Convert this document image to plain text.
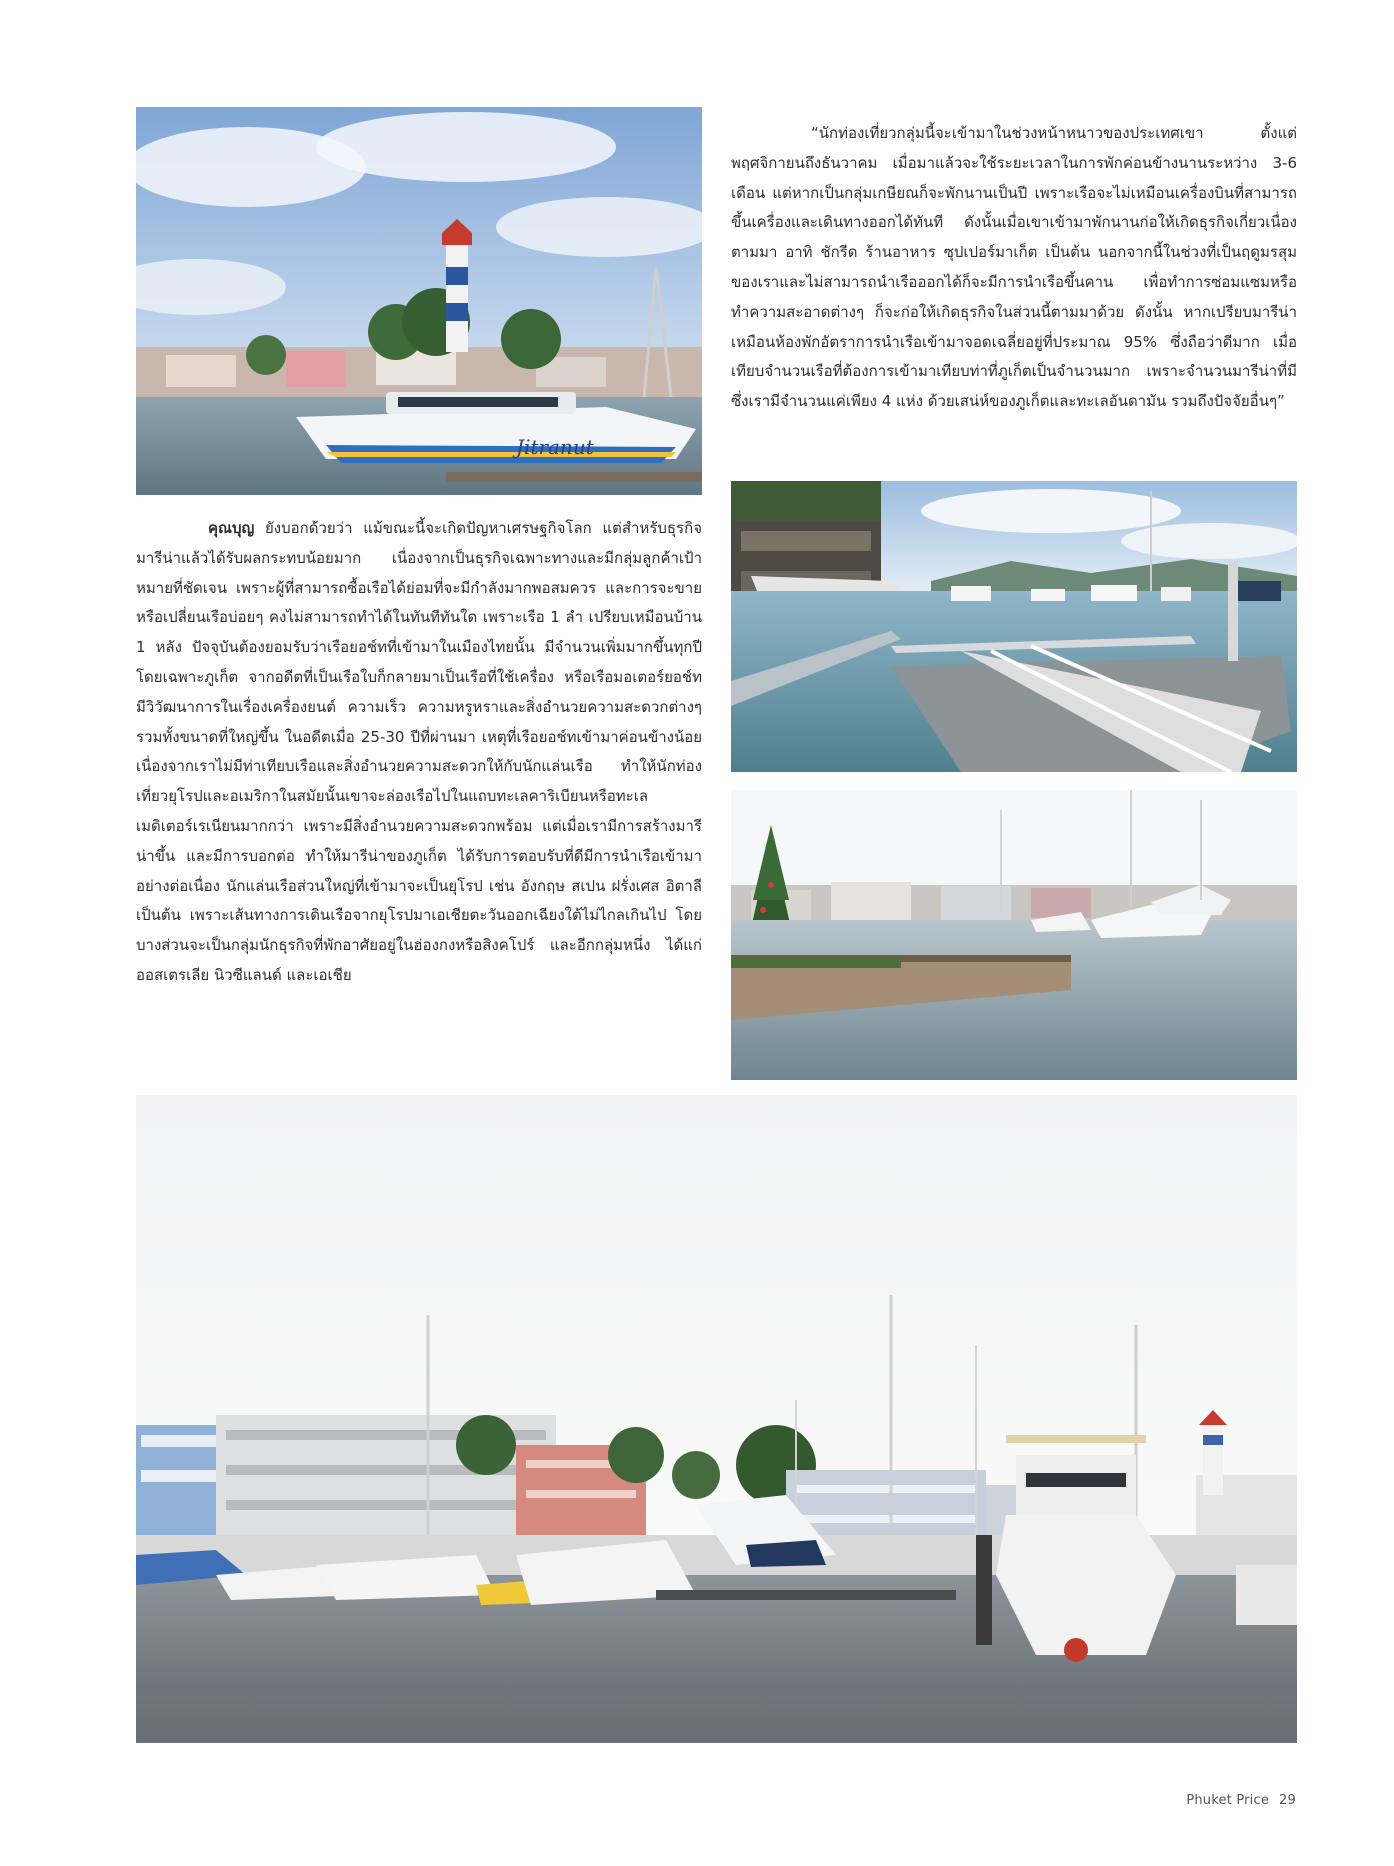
Jitranut

“นักท่องเที่ยวกลุ่มนี้จะเข้ามาในช่วงหน้าหนาวของประเทศเขา ตั้งแต่พฤศจิกายนถึงธันวาคม เมื่อมาแล้วจะใช้ระยะเวลาในการพักค่อนข้างนานระหว่าง 3-6 เดือน แต่หากเป็นกลุ่มเกษียณก็จะพักนานเป็นปี เพราะเรือจะไม่เหมือนเครื่องบินที่สามารถขึ้นเครื่องและเดินทางออกได้ทันที ดังนั้นเมื่อเขาเข้ามาพักนานก่อให้เกิดธุรกิจเกี่ยวเนื่องตามมา อาทิ ชักรีด ร้านอาหาร ซุปเปอร์มาเก็ต เป็นต้น นอกจากนี้ในช่วงที่เป็นฤดูมรสุมของเราและไม่สามารถนำเรือออกได้ก็จะมีการนำเรือขึ้นคาน เพื่อทำการซ่อมแซมหรือทำความสะอาดต่างๆ ก็จะก่อให้เกิดธุรกิจในส่วนนี้ตามมาด้วย ดังนั้น หากเปรียบมารีน่าเหมือนห้องพักอัตราการนำเรือเข้ามาจอดเฉลี่ยอยู่ที่ประมาณ 95% ซึ่งถือว่าดีมาก เมื่อเทียบจำนวนเรือที่ต้องการเข้ามาเทียบท่าที่ภูเก็ตเป็นจำนวนมาก เพราะจำนวนมารีน่าที่มีซึ่งเรามีจำนวนแค่เพียง 4 แห่ง ด้วยเสน่ห์ของภูเก็ตและทะเลอันดามัน รวมถึงปัจจัยอื่นๆ”

คุณบุญ ยังบอกด้วยว่า แม้ขณะนี้จะเกิดปัญหาเศรษฐกิจโลก แต่สำหรับธุรกิจมารีน่าแล้วได้รับผลกระทบน้อยมาก เนื่องจากเป็นธุรกิจเฉพาะทางและมีกลุ่มลูกค้าเป้าหมายที่ชัดเจน เพราะผู้ที่สามารถซื้อเรือได้ย่อมที่จะมีกำลังมากพอสมควร และการจะขายหรือเปลี่ยนเรือบ่อยๆ คงไม่สามารถทำได้ในทันทีทันใด เพราะเรือ 1 ลำ เปรียบเหมือนบ้าน 1 หลัง ปัจจุบันต้องยอมรับว่าเรือยอช์ทที่เข้ามาในเมืองไทยนั้น มีจำนวนเพิ่มมากขึ้นทุกปี โดยเฉพาะภูเก็ต จากอดีตที่เป็นเรือใบก็กลายมาเป็นเรือที่ใช้เครื่อง หรือเรือมอเตอร์ยอช์ท มีวิวัฒนาการในเรื่องเครื่องยนต์ ความเร็ว ความหรูหราและสิ่งอำนวยความสะดวกต่างๆ รวมทั้งขนาดที่ใหญ่ขึ้น ในอดีตเมื่อ 25-30 ปีที่ผ่านมา เหตุที่เรือยอช์ทเข้ามาค่อนข้างน้อยเนื่องจากเราไม่มีท่าเทียบเรือและสิ่งอำนวยความสะดวกให้กับนักแล่นเรือ ทำให้นักท่องเที่ยวยุโรปและอเมริกาในสมัยนั้นเขาจะล่องเรือไปในแถบทะเลคาริเบียนหรือทะเลเมดิเตอร์เรเนียนมากกว่า เพราะมีสิ่งอำนวยความสะดวกพร้อม แต่เมื่อเรามีการสร้างมารีน่าขึ้น และมีการบอกต่อ ทำให้มารีน่าของภูเก็ต ได้รับการตอบรับที่ดีมีการนำเรือเข้ามาอย่างต่อเนื่อง นักแล่นเรือส่วนใหญ่ที่เข้ามาจะเป็นยุโรป เช่น อังกฤษ สเปน ฝรั่งเศส อิตาลี เป็นต้น เพราะเส้นทางการเดินเรือจากยุโรปมาเอเชียตะวันออกเฉียงใต้ไม่ไกลเกินไป โดยบางส่วนจะเป็นกลุ่มนักธุรกิจที่พักอาศัยอยู่ในฮ่องกงหรือสิงคโปร์ และอีกกลุ่มหนึ่ง ได้แก่ ออสเตรเลีย นิวซีแลนด์ และเอเชีย

Phuket Price 29
